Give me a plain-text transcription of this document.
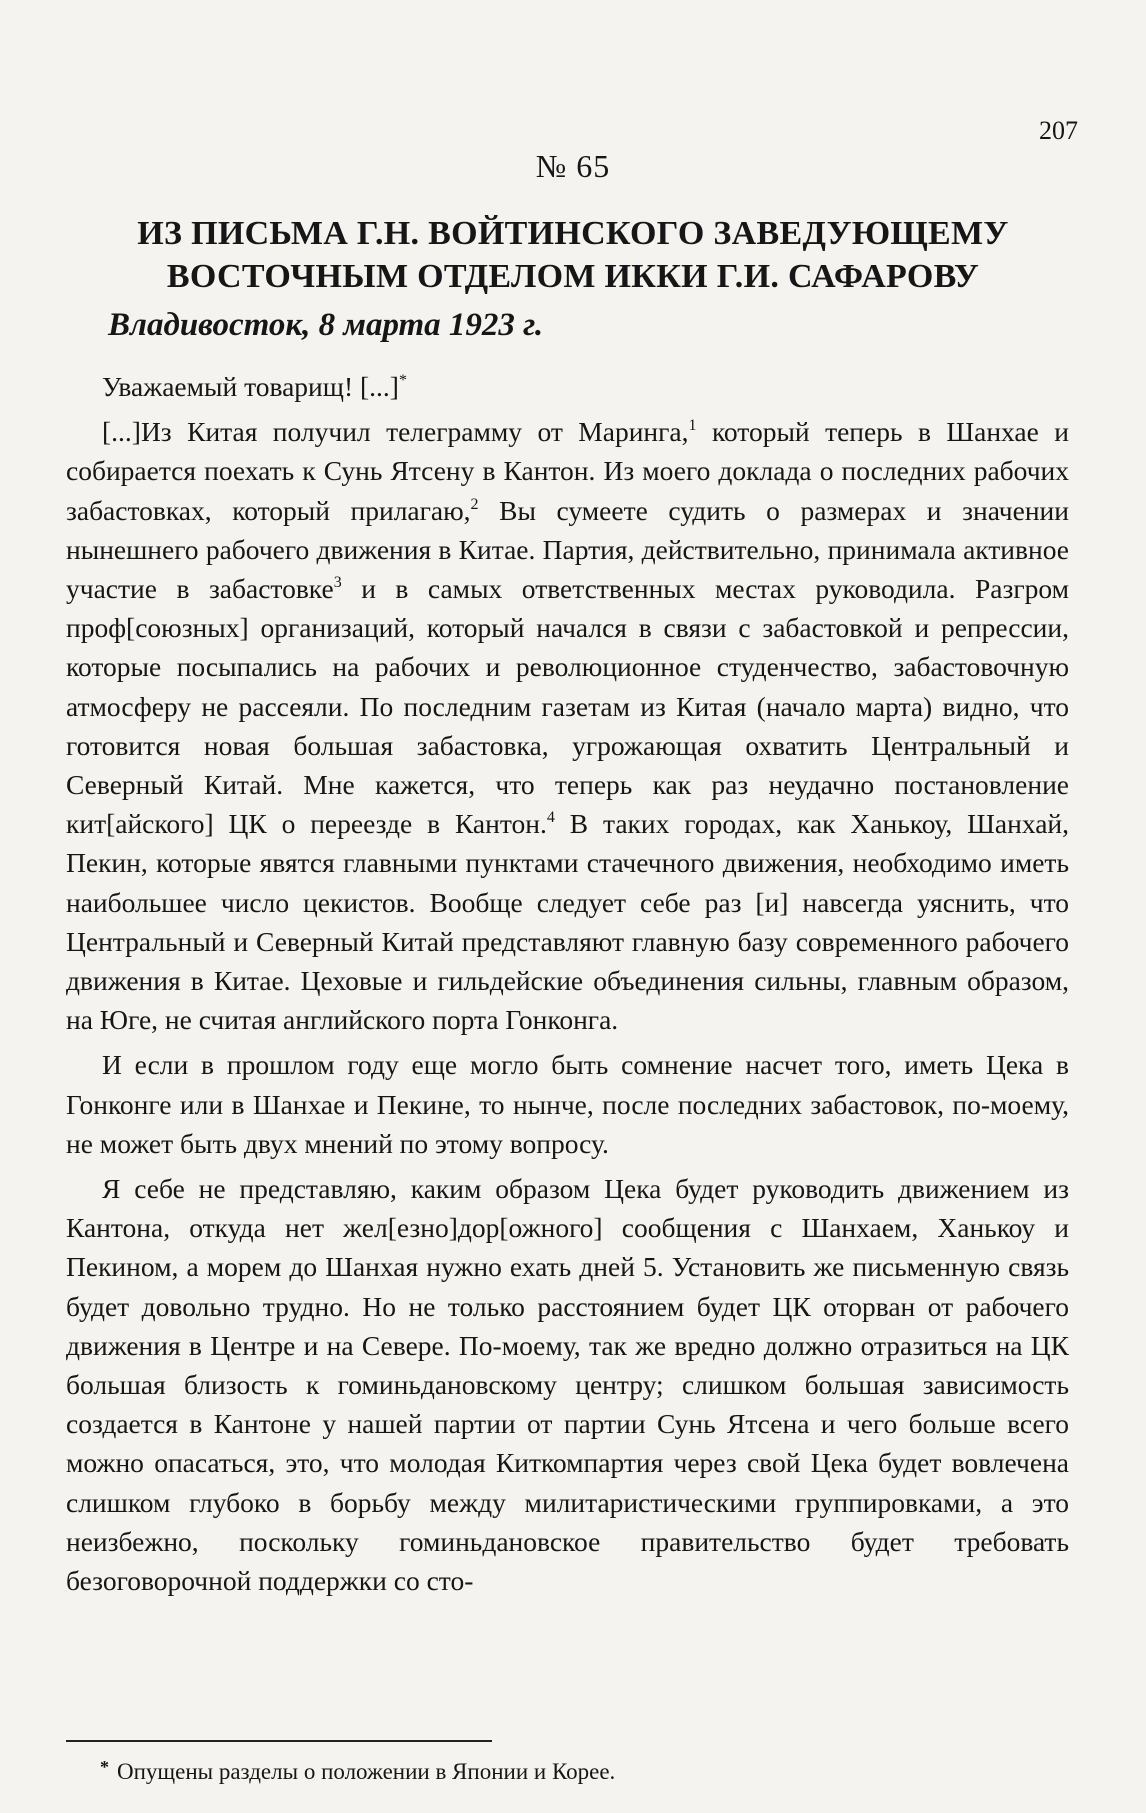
207
№ 65
ИЗ ПИСЬМА Г.Н. ВОЙТИНСКОГО ЗАВЕДУЮЩЕМУ
ВОСТОЧНЫМ ОТДЕЛОМ ИККИ Г.И. САФАРОВУ
Владивосток, 8 марта 1923 г.

Уважаемый товарищ! [...]*

[...]Из Китая получил телеграмму от Маринга,$^1$ который теперь в Шанхае и собирается поехать к Сунь Ятсену в Кантон. Из моего доклада о последних рабочих забастовках, который прилагаю,$^2$ Вы сумеете судить о размерах и значении нынешнего рабочего движения в Китае. Партия, действительно, принимала активное участие в забастовке$^3$ и в самых ответственных местах руководила. Разгром проф[союзных] организаций, который начался в связи с забастовкой и репрессии, которые посыпались на рабочих и революционное студенчество, забастовочную атмосферу не рассеяли. По последним газетам из Китая (начало марта) видно, что готовится новая большая забастовка, угрожающая охватить Центральный и Северный Китай. Мне кажется, что теперь как раз неудачно постановление кит[айского] ЦК о переезде в Кантон.$^4$ В таких городах, как Ханькоу, Шанхай, Пекин, которые явятся главными пунктами стачечного движения, необходимо иметь наибольшее число цекистов. Вообще следует себе раз [и] навсегда уяснить, что Центральный и Северный Китай представляют главную базу современного рабочего движения в Китае. Цеховые и гильдейские объединения сильны, главным образом, на Юге, не считая английского порта Гонконга.

И если в прошлом году еще могло быть сомнение насчет того, иметь Цека в Гонконге или в Шанхае и Пекине, то нынче, после последних забастовок, по-моему, не может быть двух мнений по этому вопросу.

Я себе не представляю, каким образом Цека будет руководить движением из Кантона, откуда нет жел[езно]дор[ожного] сообщения с Шанхаем, Ханькоу и Пекином, а морем до Шанхая нужно ехать дней 5. Установить же письменную связь будет довольно трудно. Но не только расстоянием будет ЦК оторван от рабочего движения в Центре и на Севере. По-моему, так же вредно должно отразиться на ЦК большая близость к гоминьдановскому центру; слишком большая зависимость создается в Кантоне у нашей партии от партии Сунь Ятсена и чего больше всего можно опасаться, это, что молодая Киткомпартия через свой Цека будет вовлечена слишком глубоко в борьбу между милитаристическими группировками, а это неизбежно, поскольку гоминьдановское правительство будет требовать безоговорочной поддержки со сто-

* Опущены разделы о положении в Японии и Корее.
